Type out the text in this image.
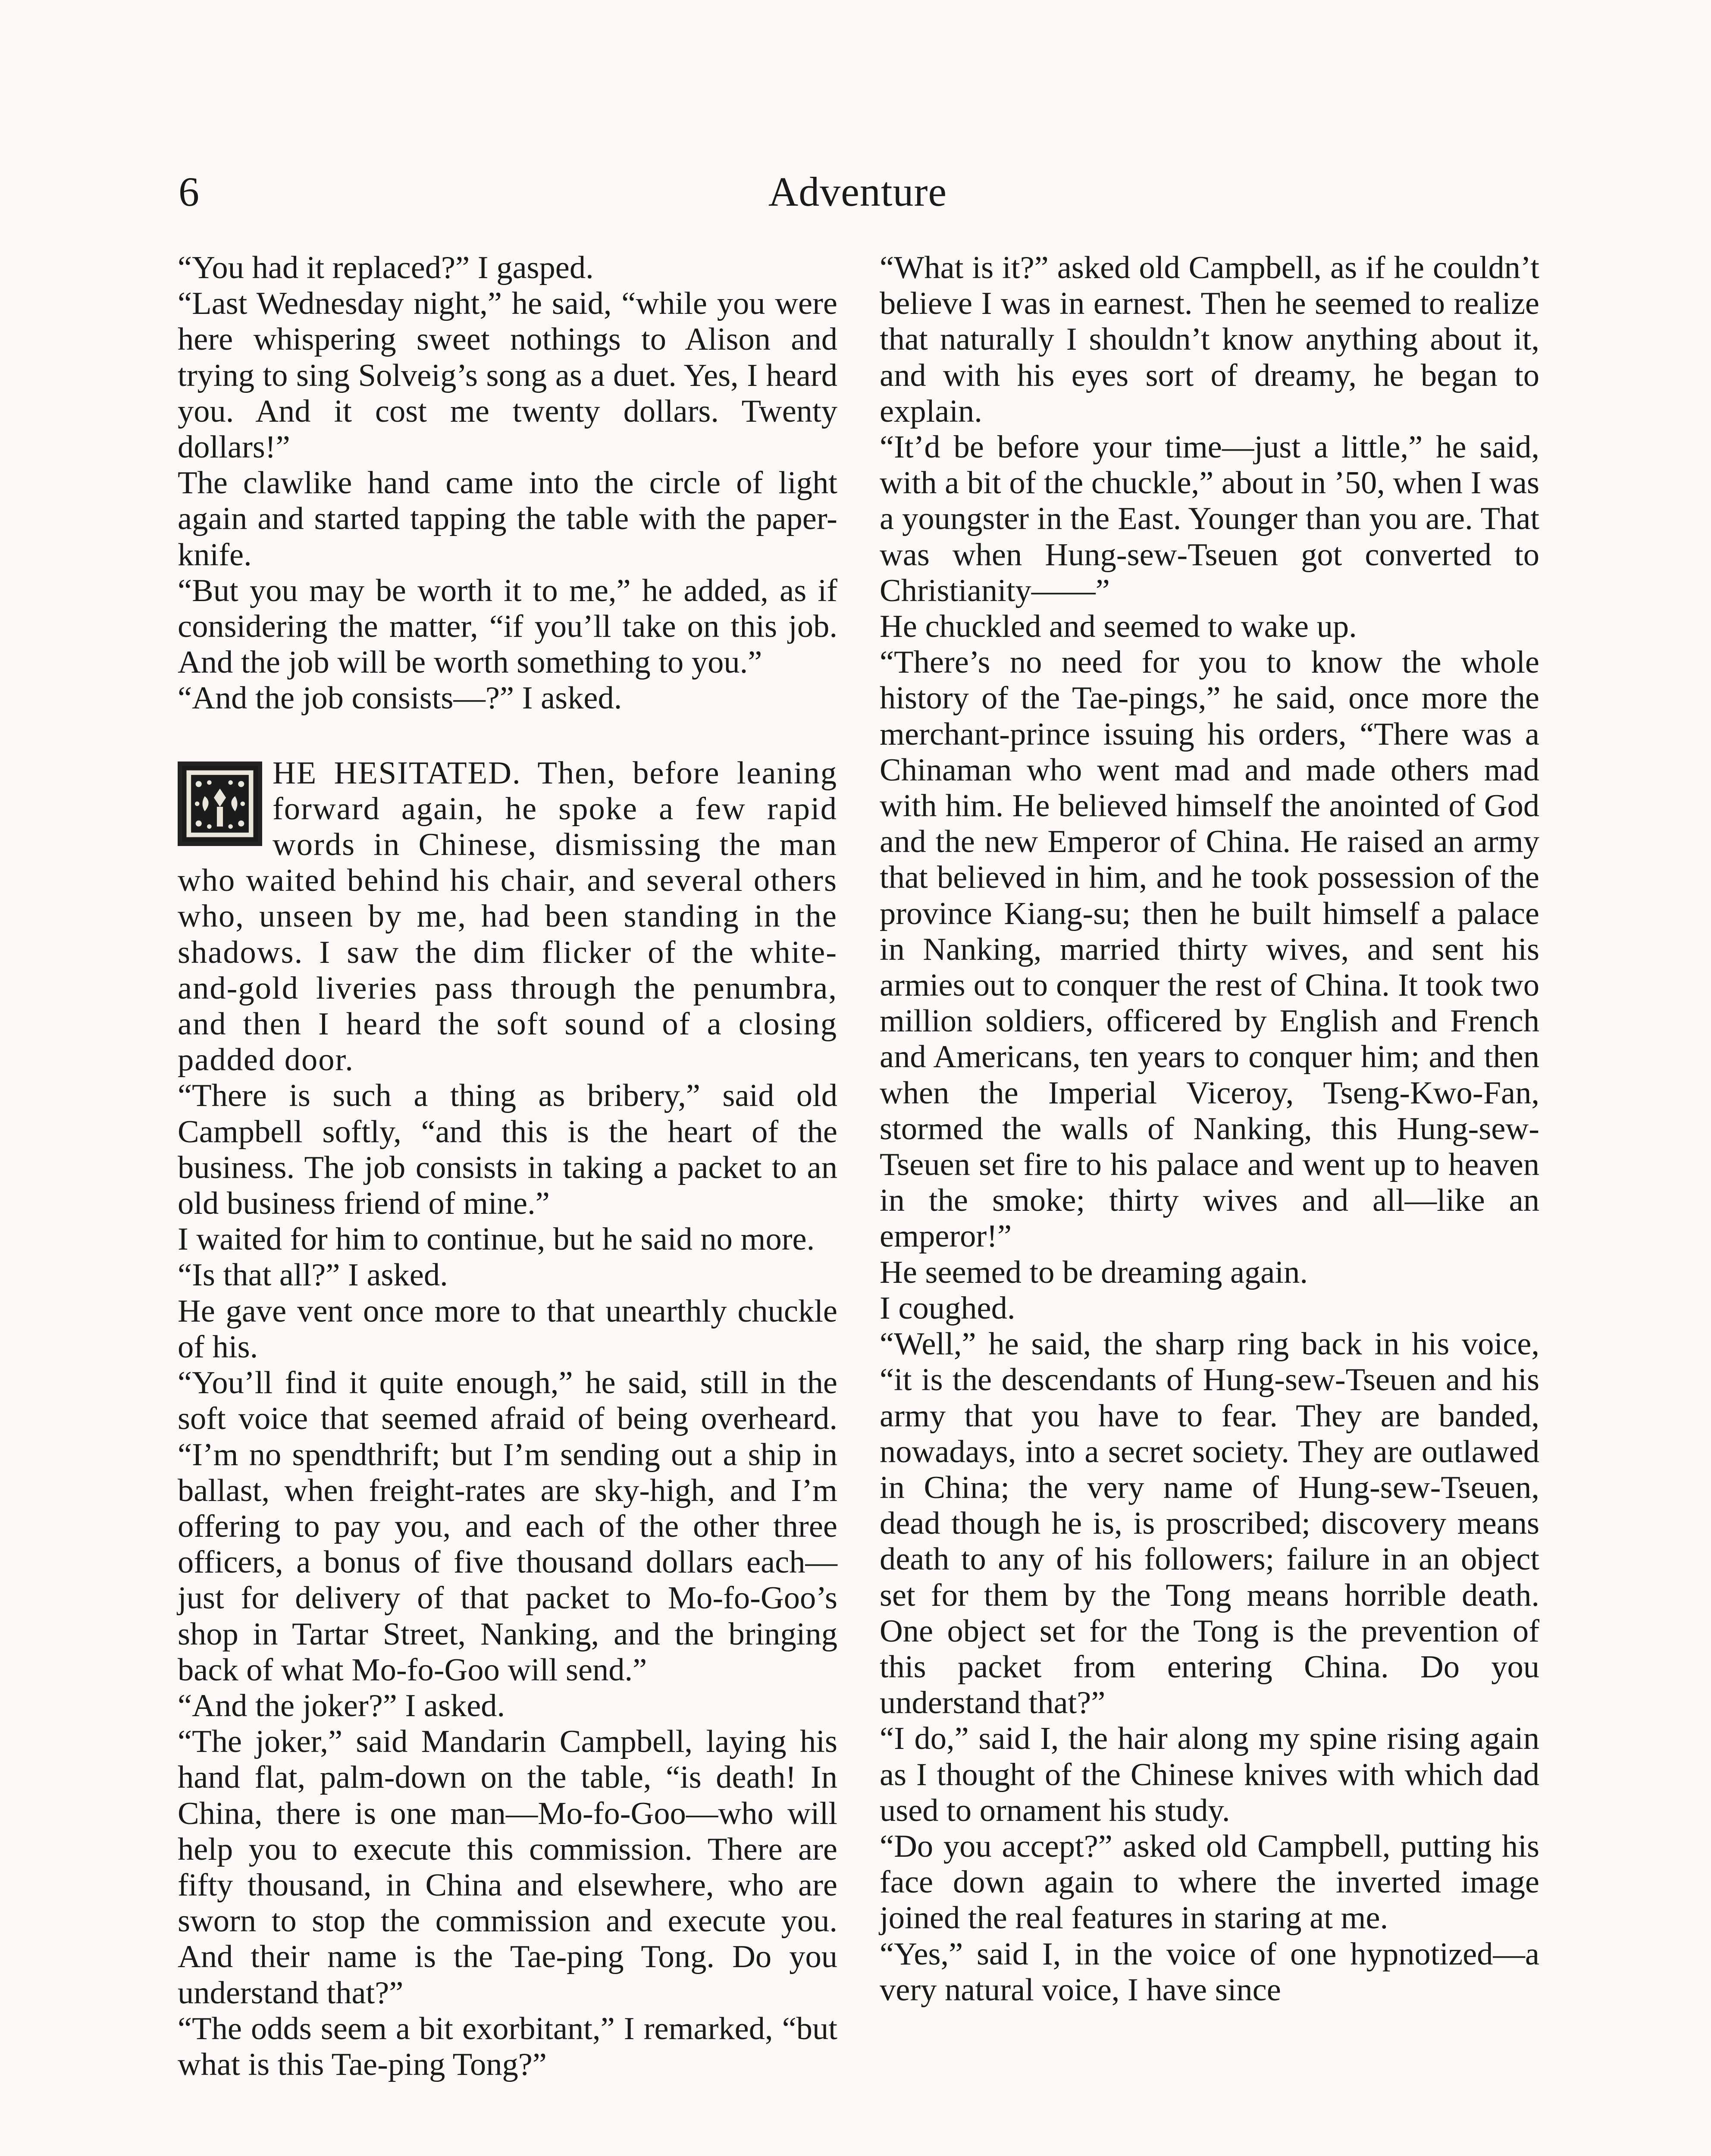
6	Adventure

“You had it replaced?” I gasped.

“Last Wednesday night,” he said, “while you were here whispering sweet nothings to Alison and trying to sing Solveig’s song as a duet. Yes, I heard you. And it cost me twenty dollars. Twenty dollars!”

The clawlike hand came into the circle of light again and started tapping the table with the paper-knife.

“But you may be worth it to me,” he added, as if considering the matter, “if you’ll take on this job. And the job will be worth something to you.”

“And the job consists—?” I asked.

HE HESITATED. Then, before leaning forward again, he spoke a few rapid words in Chinese, dismissing the man who waited behind his chair, and several others who, unseen by me, had been standing in the shadows. I saw the dim flicker of the white-and-gold liveries pass through the penumbra, and then I heard the soft sound of a closing padded door.

“There is such a thing as bribery,” said old Campbell softly, “and this is the heart of the business. The job consists in taking a packet to an old business friend of mine.”

I waited for him to continue, but he said no more.

“Is that all?” I asked.

He gave vent once more to that unearthly chuckle of his.

“You’ll find it quite enough,” he said, still in the soft voice that seemed afraid of being overheard. “I’m no spendthrift; but I’m sending out a ship in ballast, when freight-rates are sky-high, and I’m offering to pay you, and each of the other three officers, a bonus of five thousand dollars each—just for delivery of that packet to Mo-fo-Goo’s shop in Tartar Street, Nanking, and the bringing back of what Mo-fo-Goo will send.”

“And the joker?” I asked.

“The joker,” said Mandarin Campbell, laying his hand flat, palm-down on the table, “is death! In China, there is one man—Mo-fo-Goo—who will help you to execute this commission. There are fifty thousand, in China and elsewhere, who are sworn to stop the commission and execute you. And their name is the Tae-ping Tong. Do you understand that?”

“The odds seem a bit exorbitant,” I remarked, “but what is this Tae-ping Tong?”

“What is it?” asked old Campbell, as if he couldn’t believe I was in earnest. Then he seemed to realize that naturally I shouldn’t know anything about it, and with his eyes sort of dreamy, he began to explain.

“It’d be before your time—just a little,” he said, with a bit of the chuckle,” about in ’50, when I was a youngster in the East. Younger than you are. That was when Hung-sew-Tseuen got converted to Christianity——”

He chuckled and seemed to wake up.

“There’s no need for you to know the whole history of the Tae-pings,” he said, once more the merchant-prince issuing his orders, “There was a Chinaman who went mad and made others mad with him. He believed himself the anointed of God and the new Emperor of China. He raised an army that believed in him, and he took possession of the province Kiang-su; then he built himself a palace in Nanking, married thirty wives, and sent his armies out to conquer the rest of China. It took two million soldiers, officered by English and French and Americans, ten years to conquer him; and then when the Imperial Viceroy, Tseng-Kwo-Fan, stormed the walls of Nanking, this Hung-sew-Tseuen set fire to his palace and went up to heaven in the smoke; thirty wives and all—like an emperor!”

He seemed to be dreaming again.

I coughed.

“Well,” he said, the sharp ring back in his voice, “it is the descendants of Hung-sew-Tseuen and his army that you have to fear. They are banded, nowadays, into a secret society. They are outlawed in China; the very name of Hung-sew-Tseuen, dead though he is, is proscribed; discovery means death to any of his followers; failure in an object set for them by the Tong means horrible death. One object set for the Tong is the prevention of this packet from entering China. Do you understand that?”

“I do,” said I, the hair along my spine rising again as I thought of the Chinese knives with which dad used to ornament his study.

“Do you accept?” asked old Campbell, putting his face down again to where the inverted image joined the real features in staring at me.

“Yes,” said I, in the voice of one hypnotized—a very natural voice, I have since
